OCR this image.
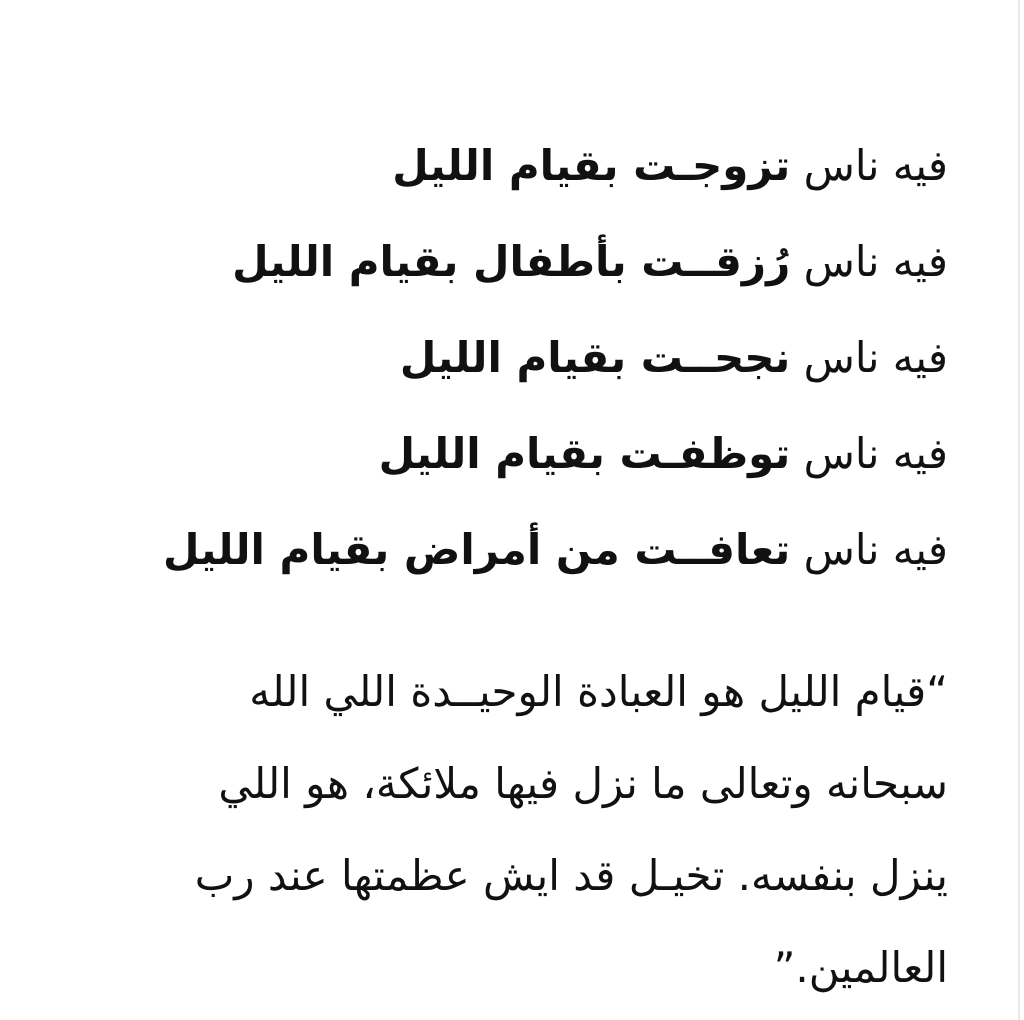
فيه ناس تزوجـت بقيام الليل
فيه ناس رُزقــت بأطفال بقيام الليل
فيه ناس نجحــت بقيام الليل
فيه ناس توظفـت بقيام الليل
فيه ناس تعافــت من أمراض بقيام الليل
“قيام الليل هو العبادة الوحيــدة اللي الله
سبحانه وتعالى ما نزل فيها ملائكة، هو اللي
ينزل بنفسه. تخيـل قد ايش عظمتها عند رب
العالمين.”
